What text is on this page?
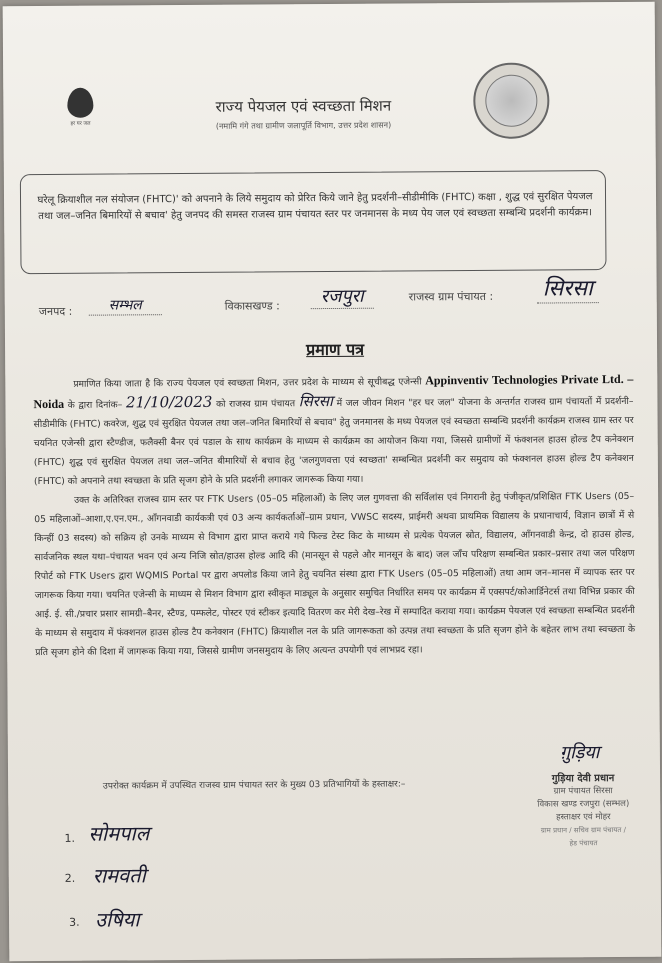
हर घर जल
राज्य पेयजल एवं स्वच्छता मिशन
(नमामि गंगे तथा ग्रामीण जलापूर्ति विभाग, उत्तर प्रदेश शासन)
घरेलू क्रियाशील नल संयोजन (FHTC)' को अपनाने के लिये समुदाय को प्रेरित किये जाने हेतु प्रदर्शनी–सीडीमीकि (FHTC) कक्षा , शुद्ध एवं सुरक्षित पेयजल तथा जल–जनित बिमारियों से बचाव' हेतु जनपद की समस्त राजस्व ग्राम पंचायत स्तर पर जनमानस के मध्य पेय जल एवं स्वच्छता सम्बन्धि प्रदर्शनी कार्यक्रम।
जनपद :	सम्भल	विकासखण्ड :	रजपुरा	राजस्व ग्राम पंचायत : सिरसा
प्रमाण पत्र

प्रमाणित किया जाता है कि राज्य पेयजल एवं स्वच्छता मिशन, उत्तर प्रदेश के माध्यम से सूचीबद्ध एजेन्सी Appinventiv Technologies Private Ltd. – Noida के द्वारा दिनांक– 21/10/2023 को राजस्व ग्राम पंचायत सिरसा में जल जीवन मिशन "हर घर जल" योजना के अन्तर्गत राजस्व ग्राम पंचायतों में प्रदर्शनी–सीडीमीकि (FHTC) कवरेज, शुद्ध एवं सुरक्षित पेयजल तथा जल–जनित बिमारियों से बचाव" हेतु जनमानस के मध्य पेयजल एवं स्वच्छता सम्बन्धि प्रदर्शनी कार्यक्रम राजस्व ग्राम स्तर पर चयनित एजेन्सी द्वारा स्टैण्डीज, फलैक्सी बैनर एवं पडाल के साथ कार्यक्रम के माध्यम से कार्यक्रम का आयोजन किया गया, जिससे ग्रामीणों में फंक्शनल हाउस होल्ड टैप कनेक्शन (FHTC) शुद्ध एवं सुरक्षित पेयजल तथा जल–जनित बीमारियों से बचाव हेतु 'जलगुणवत्ता एवं स्वच्छता' सम्बन्धित प्रदर्शनी कर समुदाय को फंक्शनल हाउस होल्ड टैप कनेक्शन (FHTC) को अपनाने तथा स्वच्छता के प्रति सृजग होने के प्रति प्रदर्शनी लगाकर जागरूक किया गया।

उक्त के अतिरिक्त राजस्व ग्राम स्तर पर FTK Users (05–05 महिलाओं) के लिए जल गुणवत्ता की सर्विलांस एवं निगरानी हेतु पंजीकृत/प्रशिक्षित FTK Users (05–05 महिलाओं–आशा,ए.एन.एम., आँगनवाडी कार्यकत्री एवं 03 अन्य कार्यकर्ताओं–ग्राम प्रधान, VWSC सदस्य, प्राईमरी अथवा प्राथमिक विद्यालय के प्रधानाचार्य, विज्ञान छात्रों में से किन्हीं 03 सदस्य) को सक्रिय हो उनके माध्यम से विभाग द्वारा प्राप्त कराये गये फिल्ड टेस्ट किट के माध्यम से प्रत्येक पेयजल स्रोत, विद्यालय, आँगनवाडी केन्द्र, दो हाउस होल्ड, सार्वजनिक स्थल यथा–पंचायत भवन एवं अन्य निजि स्रोत/हाउस होल्ड आदि की (मानसून से पहले और मानसून के बाद) जल जाँच परिक्षण सम्बन्धित प्रकार–प्रसार तथा जल परिक्षण रिपोर्ट को FTK Users द्वारा WQMIS Portal पर द्वारा अपलोड किया जाने हेतु चयनित संस्था द्वारा FTK Users (05–05 महिलाओं) तथा आम जन–मानस में व्यापक स्तर पर जागरूक किया गया। चयनित एजेन्सी के माध्यम से मिशन विभाग द्वारा स्वीकृत माड्यूल के अनुसार समुचित निर्धारित समय पर कार्यक्रम में एक्सपर्ट/कोआर्डिनेटर्स तथा विभिन्न प्रकार की आई. ई. सी./प्रचार प्रसार सामग्री–बैनर, स्टैण्ड, पम्फलेट, पोस्टर एवं स्टीकर इत्यादि वितरण कर मेरी देख–रेख में सम्पादित कराया गया। कार्यक्रम पेयजल एवं स्वच्छता सम्बन्धित प्रदर्शनी के माध्यम से समुदाय में फंक्शनल हाउस होल्ड टैप कनेक्शन (FHTC) क्रियाशील नल के प्रति जागरूकता को उत्पन्न तथा स्वच्छता के प्रति सृजग होने के बहेतर लाभ तथा स्वच्छता के प्रति सृजग होने की दिशा में जागरूक किया गया, जिससे ग्रामीण जनसमुदाय के लिए अत्यन्त उपयोगी एवं लाभप्रद रहा।

ग़ुड़िया
उपरोक्त कार्यक्रम में उपस्थित राजस्व ग्राम पंचायत स्तर के मुख्य 03 प्रतिभागियों के हस्ताक्षर:–
गुड़िया देवी प्रधान
ग्राम पंचायत सिरसा
विकास खण्ड रजपुरा (सम्भल)
हस्ताक्षर एवं मोहर
ग्राम प्रधान / सचिव ग्राम पंचायत /
हेड पंचायत
1. सोमपाल
2. रामवती
3. उषिया
